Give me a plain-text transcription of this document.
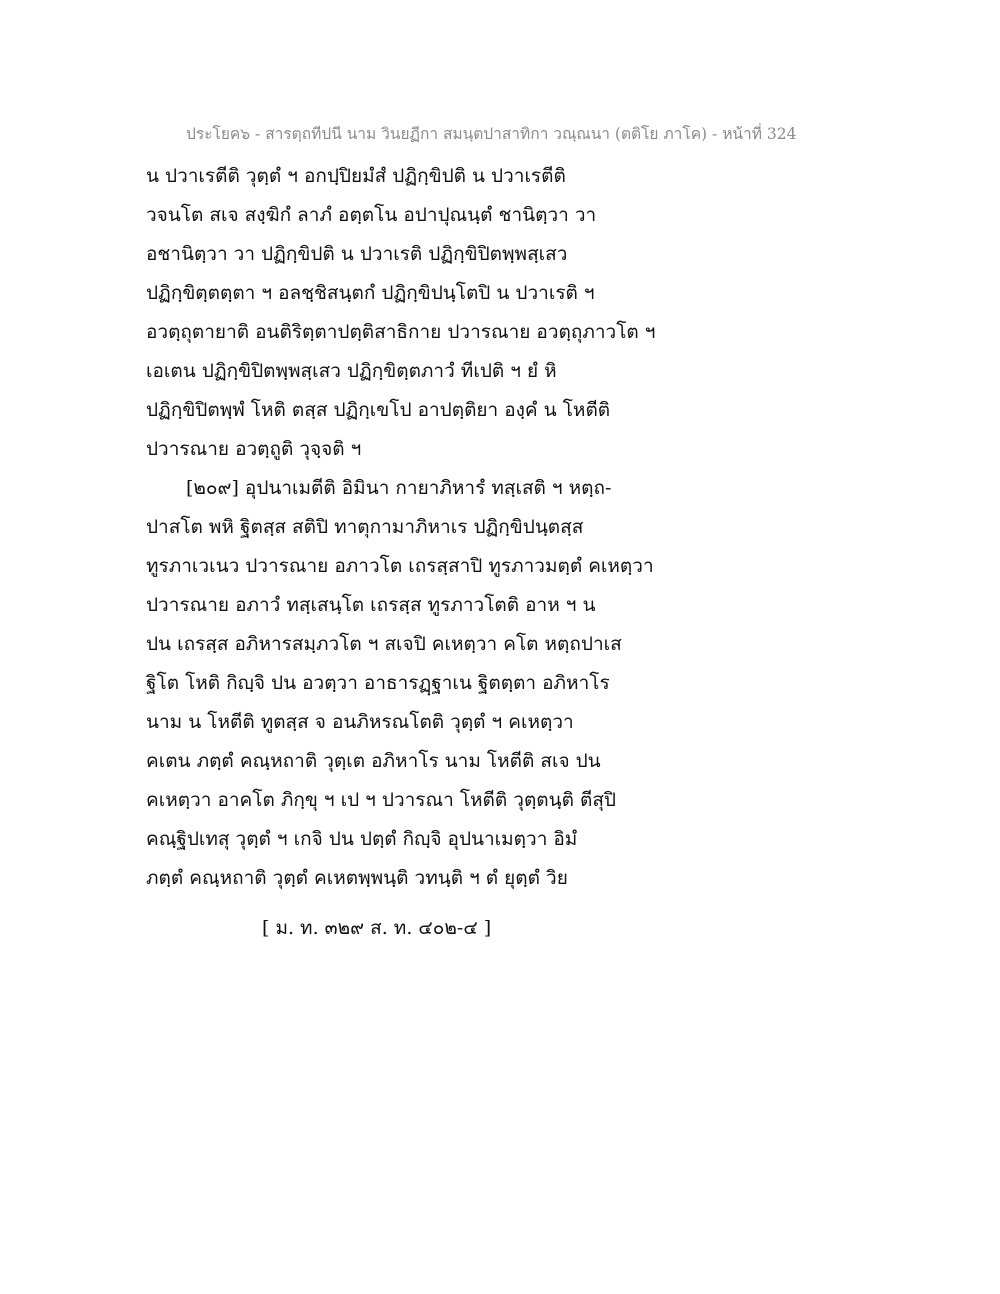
ประโยค๖ - สารตฺถทีปนี นาม วินยฏีกา สมนฺตปาสาทิกา วณฺณนา (ตติโย ภาโค) - หน้าที่ 324
น ปวาเรตีติ วุตฺตํ ฯ อกปฺปิยมํสํ ปฏิกฺขิปติ น ปวาเรตีติ
วจนโต สเจ สงฺฆิกํ ลาภํ อตฺตโน อปาปุณนฺตํ ชานิตฺวา วา
อชานิตฺวา วา ปฏิกฺขิปติ น ปวาเรติ ปฏิกฺขิปิตพฺพสฺเสว
ปฏิกฺขิตฺตตฺตา ฯ อลชฺชิสนฺตกํ ปฏิกฺขิปนฺโตปิ น ปวาเรติ ฯ
อวตฺถุตายาติ อนติริตฺตาปตฺติสาธิกาย ปวารณาย อวตฺถุภาวโต ฯ
เอเตน ปฏิกฺขิปิตพฺพสฺเสว ปฏิกฺขิตฺตภาวํ ทีเปติ ฯ ยํ หิ
ปฏิกฺขิปิตพฺพํ โหติ ตสฺส ปฏิกฺเขโป อาปตฺติยา องฺคํ น โหตีติ
ปวารณาย อวตฺถูติ วุจฺจติ ฯ
[๒๐๙] อุปนาเมตีติ อิมินา กายาภิหารํ ทสฺเสติ ฯ หตฺถ-
ปาสโต พหิ ฐิตสฺส สติปิ ทาตุกามาภิหาเร ปฏิกฺขิปนฺตสฺส
ทูรภาเวเนว ปวารณาย อภาวโต เถรสฺสาปิ ทูรภาวมตฺตํ คเหตฺวา
ปวารณาย อภาวํ ทสฺเสนฺโต เถรสฺส ทูรภาวโตติ อาห ฯ น
ปน เถรสฺส อภิหารสมฺภวโต ฯ สเจปิ คเหตฺวา คโต หตฺถปาเส
ฐิโต โหติ กิญฺจิ ปน อวตฺวา อาธารฏฺฐาเน ฐิตตฺตา อภิหาโร
นาม น โหตีติ ทูตสฺส จ อนภิหรณโตติ วุตฺตํ ฯ คเหตฺวา
คเตน ภตฺตํ คณฺหถาติ วุตฺเต อภิหาโร นาม โหตีติ สเจ ปน
คเหตฺวา อาคโต ภิกฺขุ ฯ เป ฯ ปวารณา โหตีติ วุตฺตนฺติ ตีสุปิ
คณฺฐิปเทสุ วุตฺตํ ฯ เกจิ ปน ปตฺตํ กิญฺจิ อุปนาเมตฺวา อิมํ
ภตฺตํ คณฺหถาติ วุตฺตํ คเหตพฺพนฺติ วทนฺติ ฯ ตํ ยุตฺตํ วิย
[ ม. ท. ๓๒๙ ส. ท. ๔๐๒-๔ ]
